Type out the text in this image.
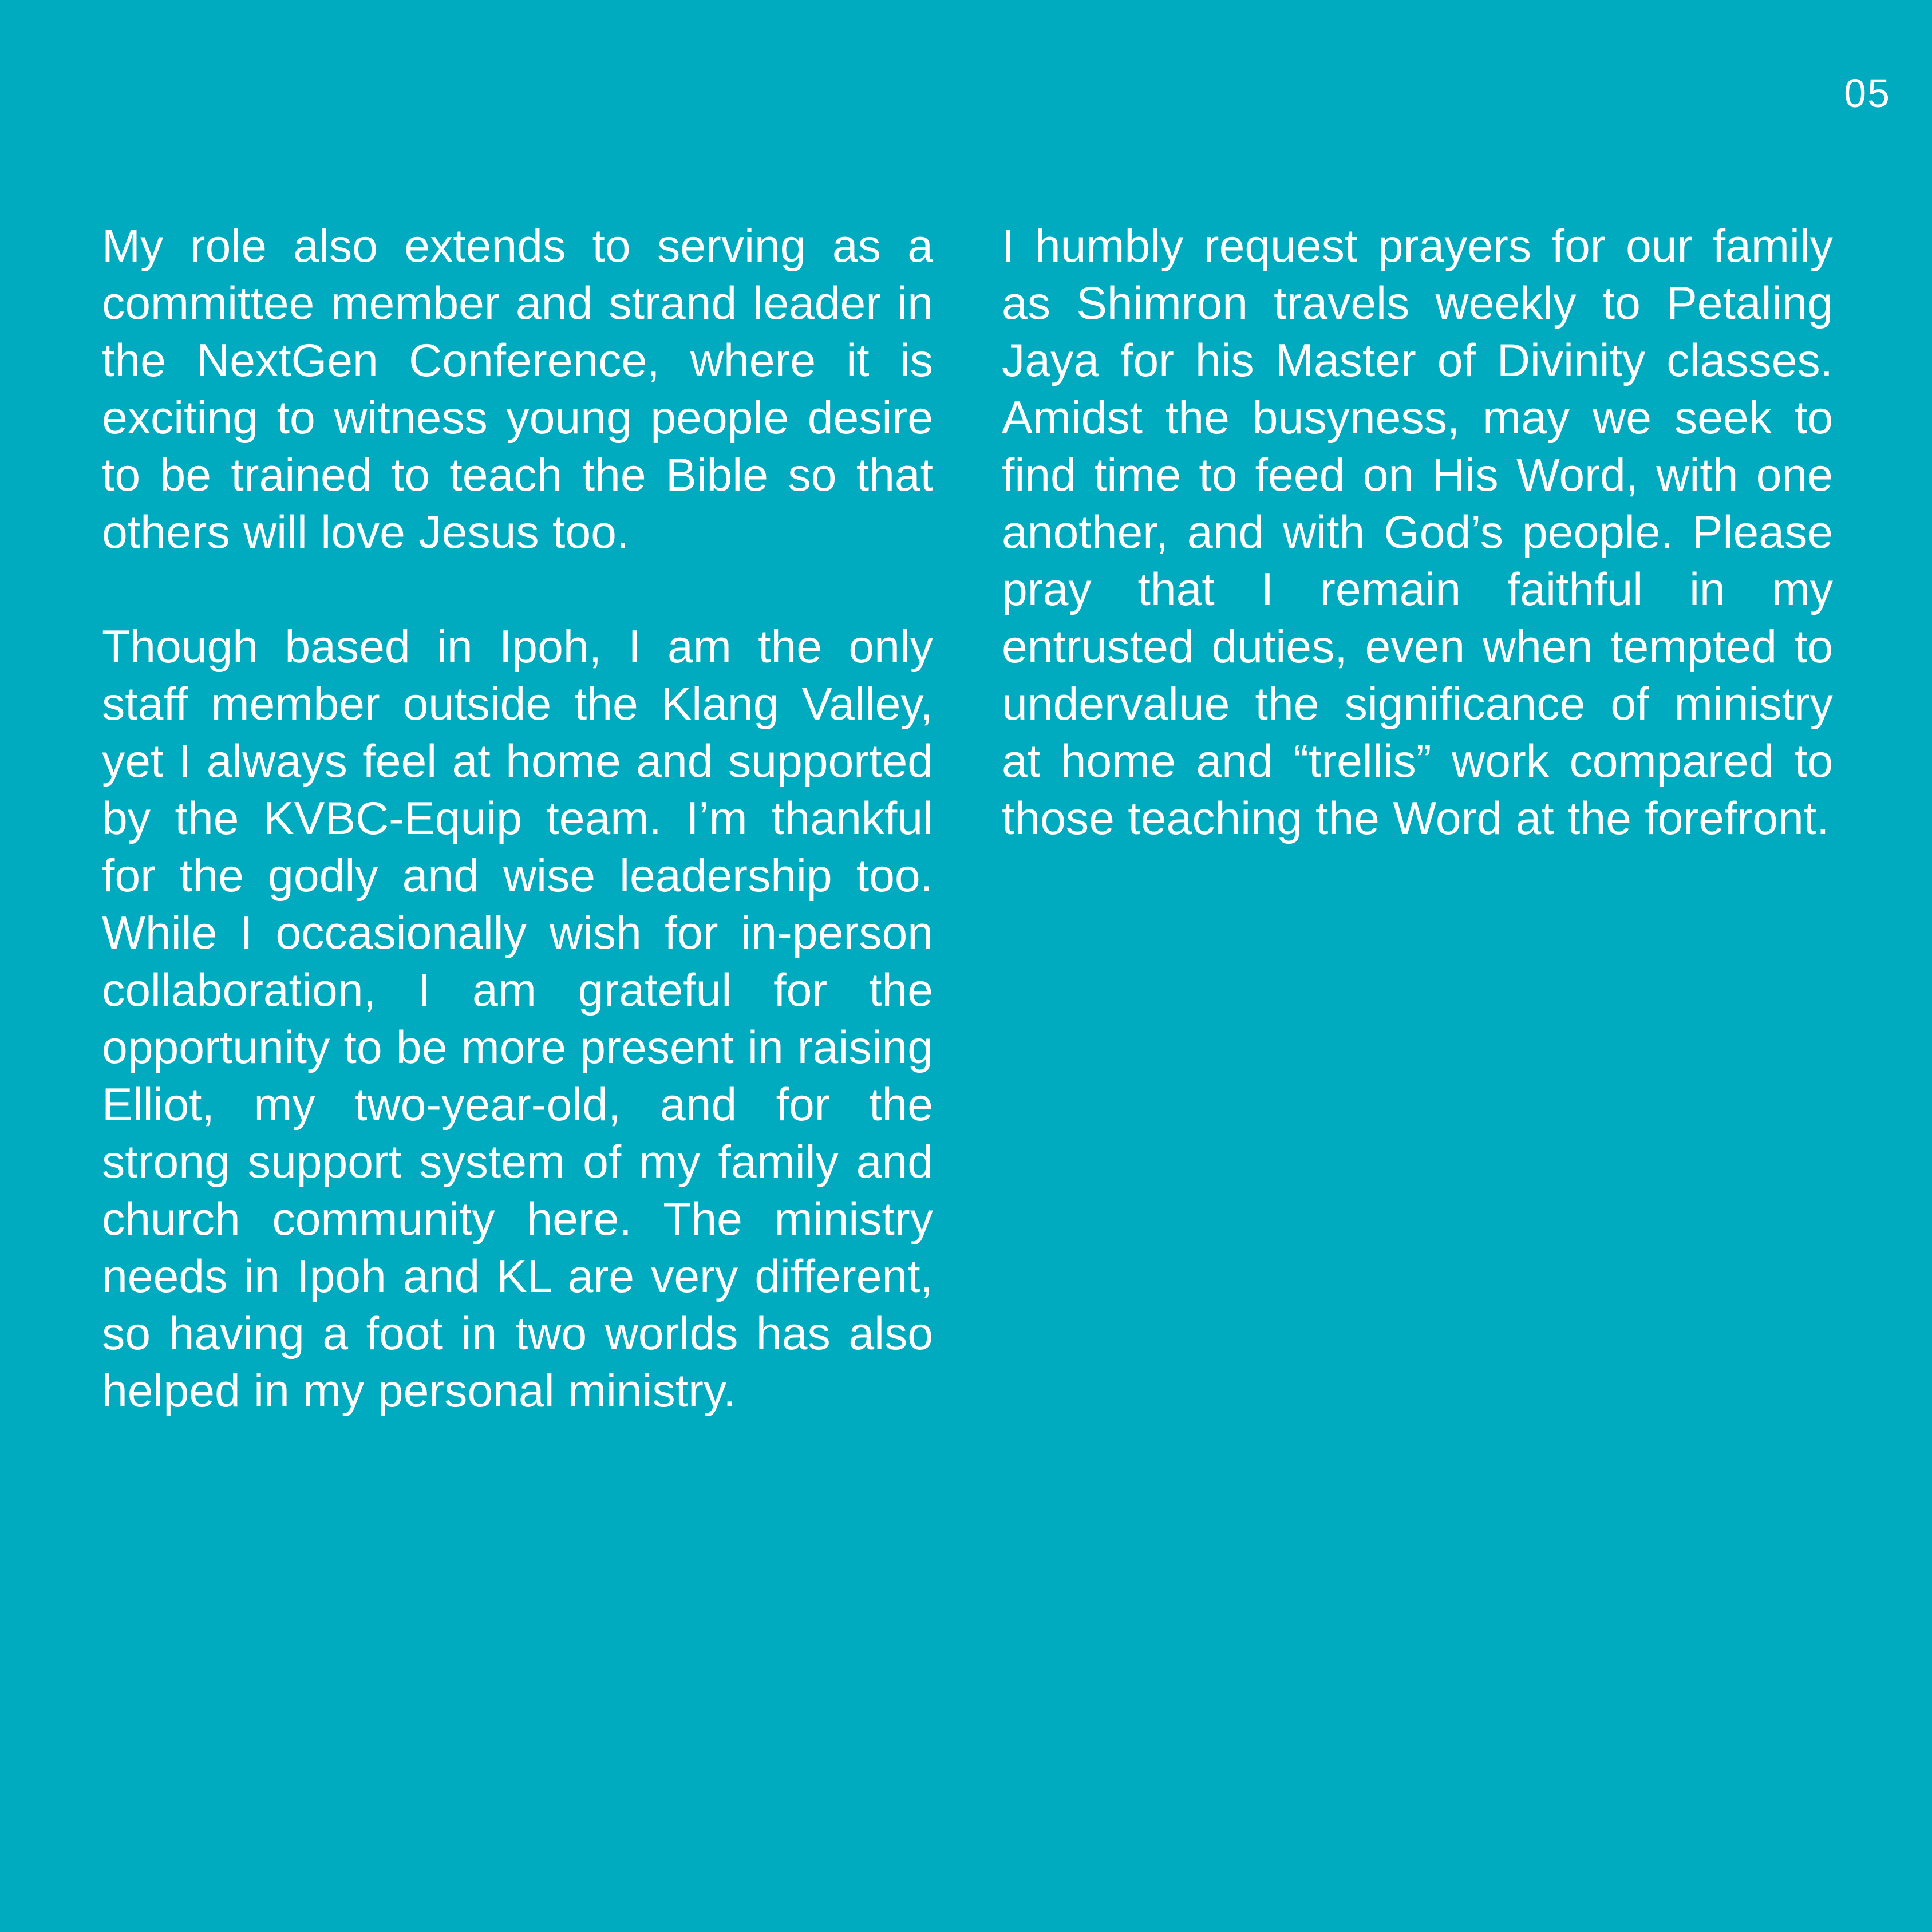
05

My role also extends to serving as a committee member and strand leader in the NextGen Conference, where it is exciting to witness young people desire to be trained to teach the Bible so that others will love Jesus too.

Though based in Ipoh, I am the only staff member outside the Klang Valley, yet I always feel at home and supported by the KVBC-Equip team. I’m thankful for the godly and wise leadership too. While I occasionally wish for in-person collaboration, I am grateful for the opportunity to be more present in raising Elliot, my two-year-old, and for the strong support system of my family and church community here. The ministry needs in Ipoh and KL are very different, so having a foot in two worlds has also helped in my personal ministry.

I humbly request prayers for our family as Shimron travels weekly to Petaling Jaya for his Master of Divinity classes. Amidst the busyness, may we seek to find time to feed on His Word, with one another, and with God’s people. Please pray that I remain faithful in my entrusted duties, even when tempted to undervalue the significance of ministry at home and “trellis” work compared to those teaching the Word at the forefront.
